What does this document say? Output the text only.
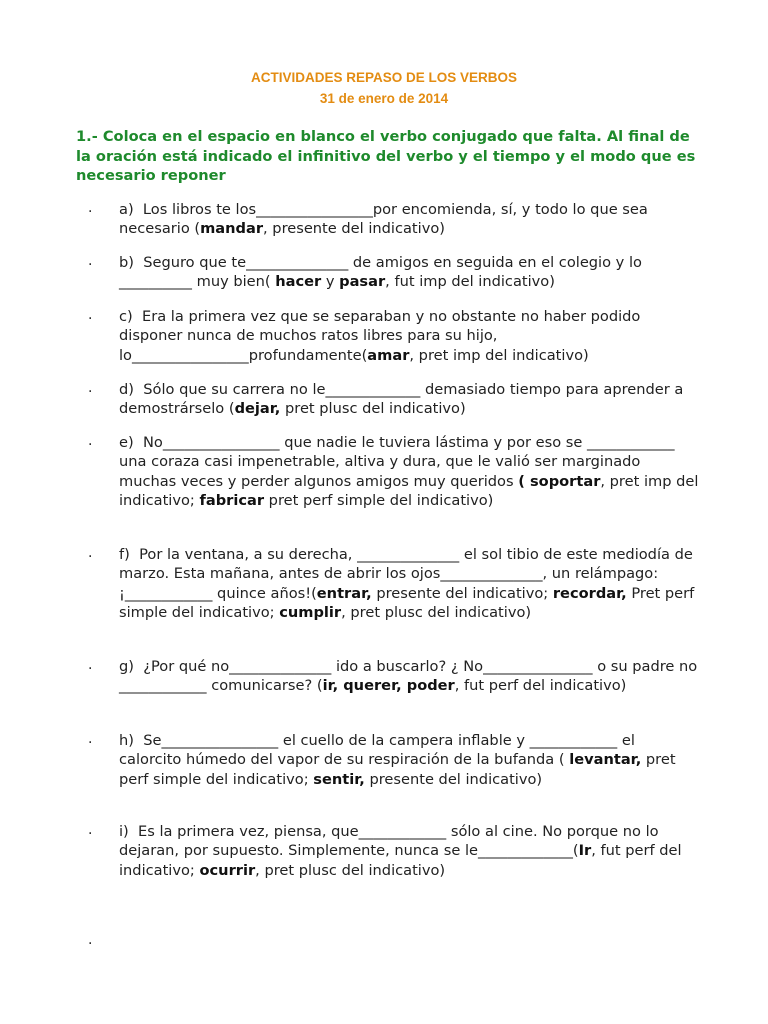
ACTIVIDADES REPASO DE LOS VERBOS
31 de enero de 2014
1.- Coloca en el espacio en blanco el verbo conjugado que falta. Al final de la oración está indicado el infinitivo del verbo y el tiempo y el modo que es necesario reponer
. a) Los libros te los________________por encomienda, sí, y todo lo que sea necesario (mandar, presente del indicativo)
. b) Seguro que te______________ de amigos en seguida en el colegio y lo __________ muy bien( hacer y pasar, fut imp del indicativo)
. c) Era la primera vez que se separaban y no obstante no haber podido disponer nunca de muchos ratos libres para su hijo, lo________________profundamente(amar, pret imp del indicativo)
. d) Sólo que su carrera no le_____________ demasiado tiempo para aprender a demostrárselo (dejar, pret plusc del indicativo)
. e) No________________ que nadie le tuviera lástima y por eso se ____________ una coraza casi impenetrable, altiva y dura, que le valió ser marginado muchas veces y perder algunos amigos muy queridos ( soportar, pret imp del indicativo; fabricar pret perf simple del indicativo)
. f) Por la ventana, a su derecha, ______________ el sol tibio de este mediodía de marzo. Esta mañana, antes de abrir los ojos______________, un relámpago: ¡____________ quince años!(entrar, presente del indicativo; recordar, Pret perf simple del indicativo; cumplir, pret plusc del indicativo)
. g) ¿Por qué no______________ ido a buscarlo? ¿ No_______________ o su padre no ____________ comunicarse? (ir, querer, poder, fut perf del indicativo)
. h) Se________________ el cuello de la campera inflable y ____________ el calorcito húmedo del vapor de su respiración de la bufanda ( levantar, pret perf simple del indicativo; sentir, presente del indicativo)
. i) Es la primera vez, piensa, que____________ sólo al cine. No porque no lo dejaran, por supuesto. Simplemente, nunca se le_____________(Ir, fut perf del indicativo; ocurrir, pret plusc del indicativo)
.
